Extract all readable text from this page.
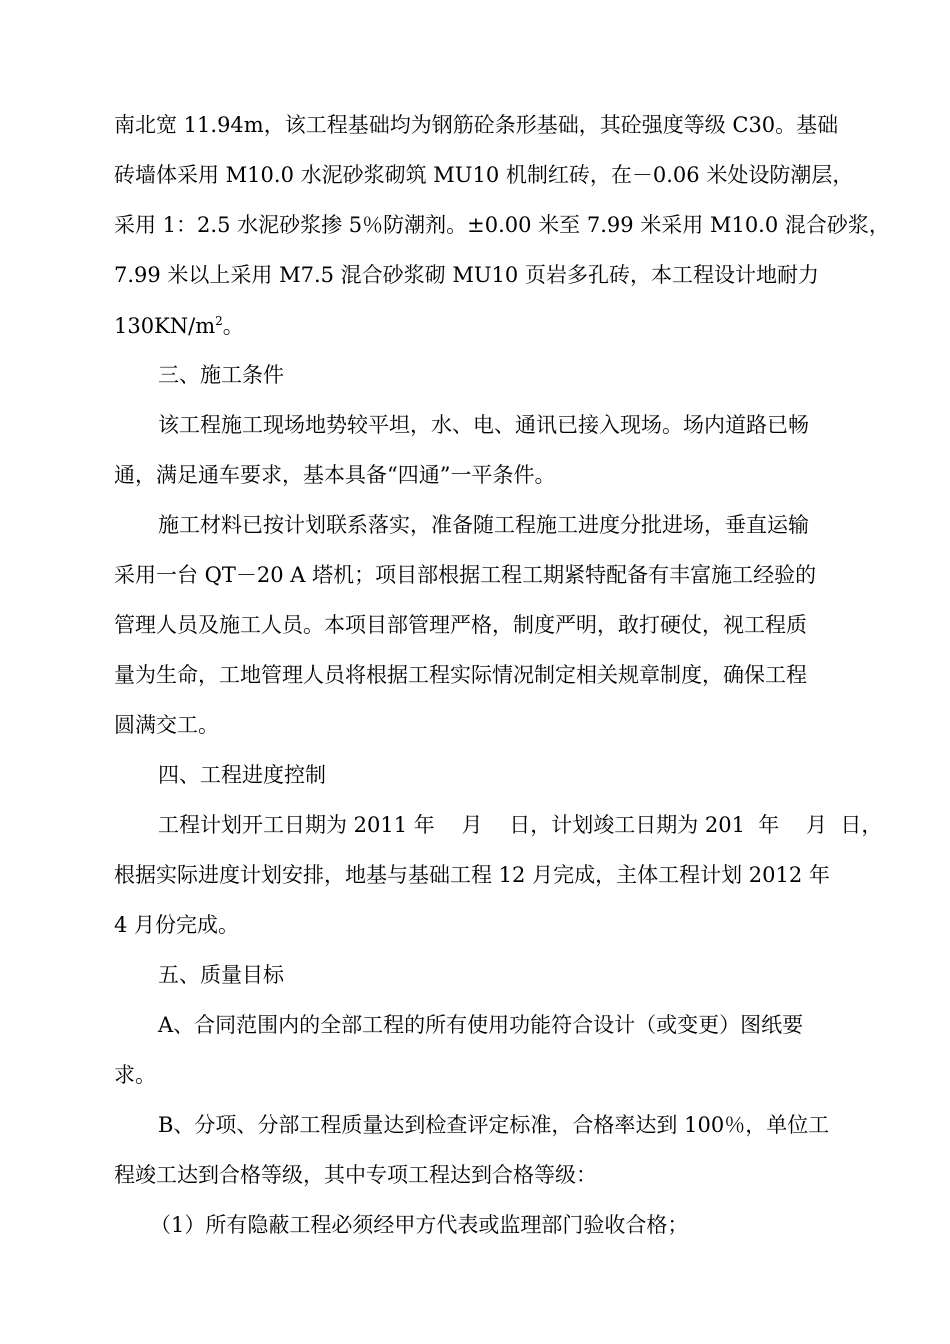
南北宽 11.94m，该工程基础均为钢筋砼条形基础，其砼强度等级 C30。基础
砖墙体采用 M10.0 水泥砂浆砌筑 MU10 机制红砖，在－0.06 米处设防潮层，
采用 1：2.5 水泥砂浆掺 5％防潮剂。±0.00 米至 7.99 米采用 M10.0 混合砂浆，
7.99 米以上采用 M7.5 混合砂浆砌 MU10 页岩多孔砖，本工程设计地耐力
$130KN/m^2$。
三、施工条件
该工程施工现场地势较平坦，水、电、通讯已接入现场。场内道路已畅
通，满足通车要求，基本具备“四通”一平条件。
施工材料已按计划联系落实，准备随工程施工进度分批进场，垂直运输
采用一台 QT－20 A 塔机；项目部根据工程工期紧特配备有丰富施工经验的
管理人员及施工人员。本项目部管理严格，制度严明，敢打硬仗，视工程质
量为生命，工地管理人员将根据工程实际情况制定相关规章制度，确保工程
圆满交工。
四、工程进度控制
工程计划开工日期为 2011 年    月    日，计划竣工日期为 201  年    月  日，
根据实际进度计划安排，地基与基础工程 12 月完成，主体工程计划 2012 年
4 月份完成。
五、质量目标
A、合同范围内的全部工程的所有使用功能符合设计（或变更）图纸要
求。
B、分项、分部工程质量达到检查评定标准，合格率达到 100％，单位工
程竣工达到合格等级，其中专项工程达到合格等级：
（1）所有隐蔽工程必须经甲方代表或监理部门验收合格；
